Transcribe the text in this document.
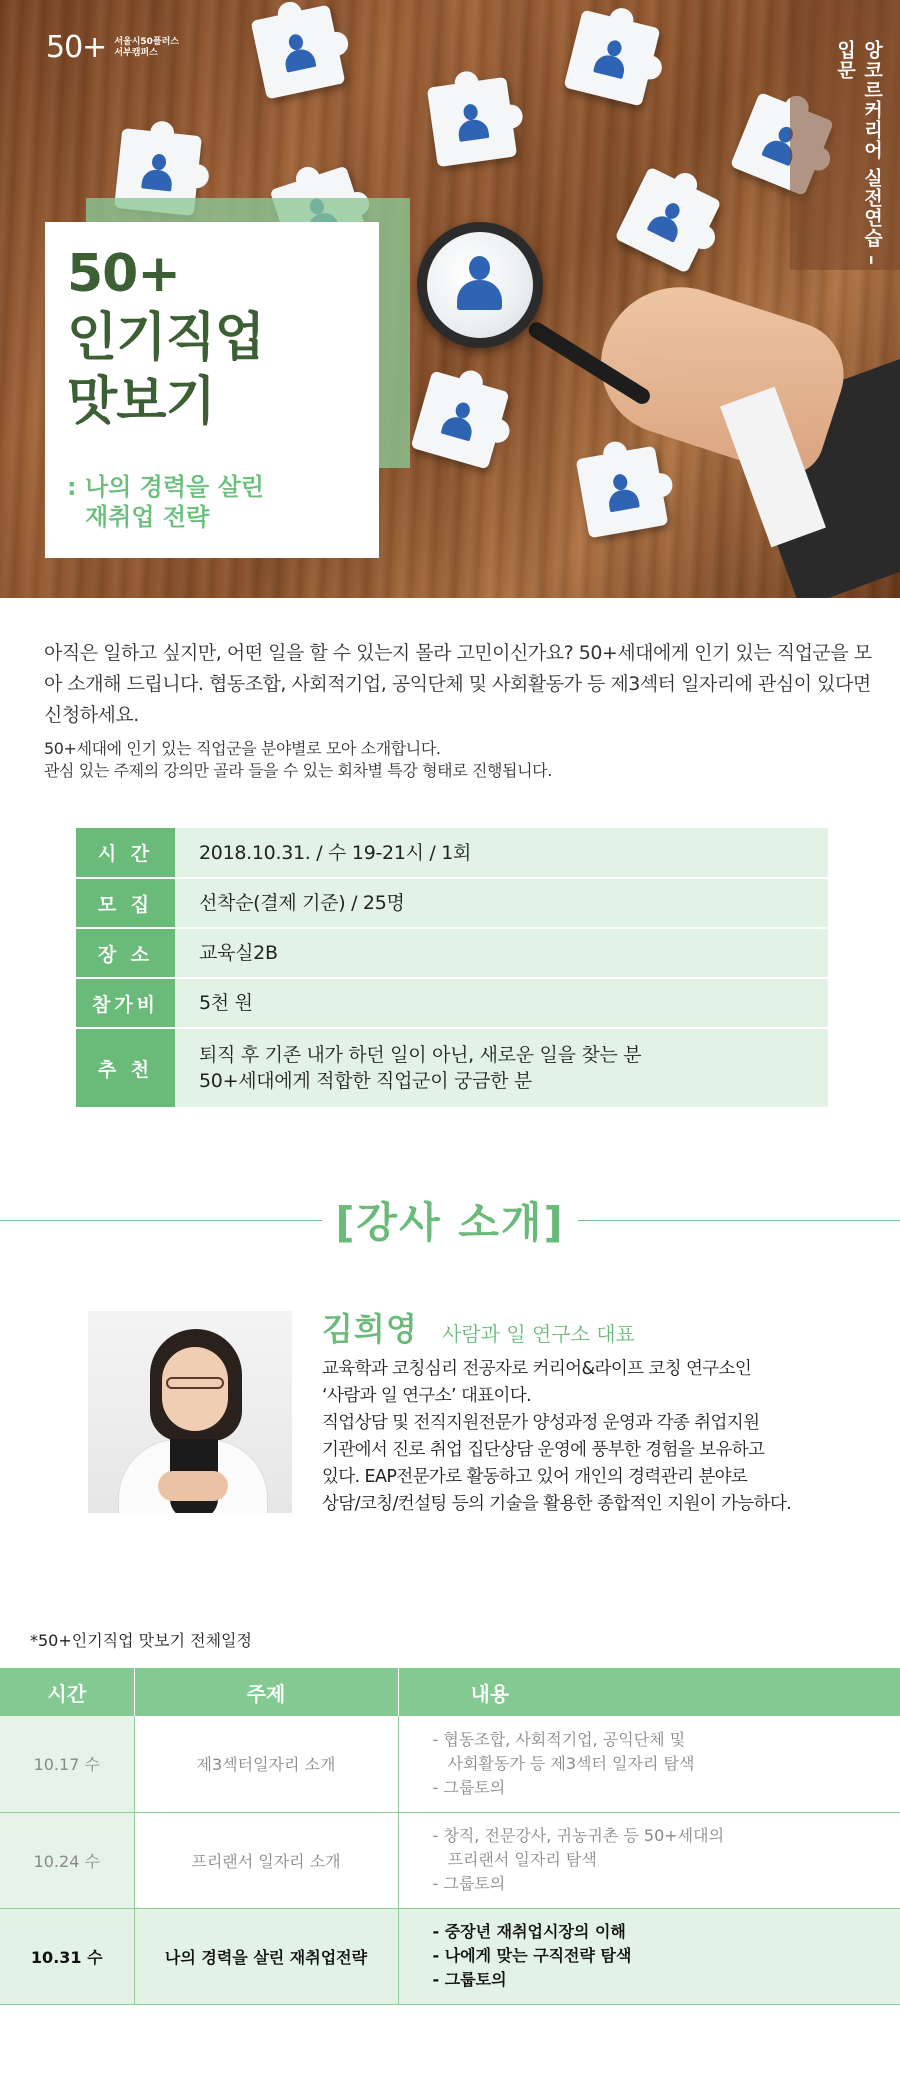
50+ 서울시50플러스
서부캠퍼스	앙코르커리어 실전연습 – 입문
50+
인기직업
맛보기
: 나의 경력을 살린
재취업 전략

아직은 일하고 싶지만, 어떤 일을 할 수 있는지 몰라 고민이신가요? 50+세대에게 인기 있는 직업군을 모아 소개해 드립니다. 협동조합, 사회적기업, 공익단체 및 사회활동가 등 제3섹터 일자리에 관심이 있다면 신청하세요.

50+세대에 인기 있는 직업군을 분야별로 모아 소개합니다.
관심 있는 주제의 강의만 골라 들을 수 있는 회차별 특강 형태로 진행됩니다.
시 간	2018.10.31. / 수 19-21시 / 1회
모 집	선착순(결제 기준) / 25명
장 소	교육실2B
참가비	5천 원
추 천	퇴직 후 기존 내가 하던 일이 아닌, 새로운 일을 찾는 분
50+세대에게 적합한 직업군이 궁금한 분
[강사 소개]
김희영 사람과 일 연구소 대표
교육학과 코칭심리 전공자로 커리어&라이프 코칭 연구소인
‘사람과 일 연구소’ 대표이다.
직업상담 및 전직지원전문가 양성과정 운영과 각종 취업지원
기관에서 진로 취업 집단상담 운영에 풍부한 경험을 보유하고
있다. EAP전문가로 활동하고 있어 개인의 경력관리 분야로
상담/코칭/컨설팅 등의 기술을 활용한 종합적인 지원이 가능하다.
*50+인기직업 맛보기 전체일정
시간	주제	내용
10.17 수	제3섹터일자리 소개	- 협동조합, 사회적기업, 공익단체 및
사회활동가 등 제3섹터 일자리 탐색
- 그룹토의

10.24 수	프리랜서 일자리 소개	- 창직, 전문강사, 귀농귀촌 등 50+세대의
프리랜서 일자리 탐색
- 그룹토의

10.31 수	나의 경력을 살린 재취업전략	- 중장년 재취업시장의 이해
- 나에게 맞는 구직전략 탐색
- 그룹토의
